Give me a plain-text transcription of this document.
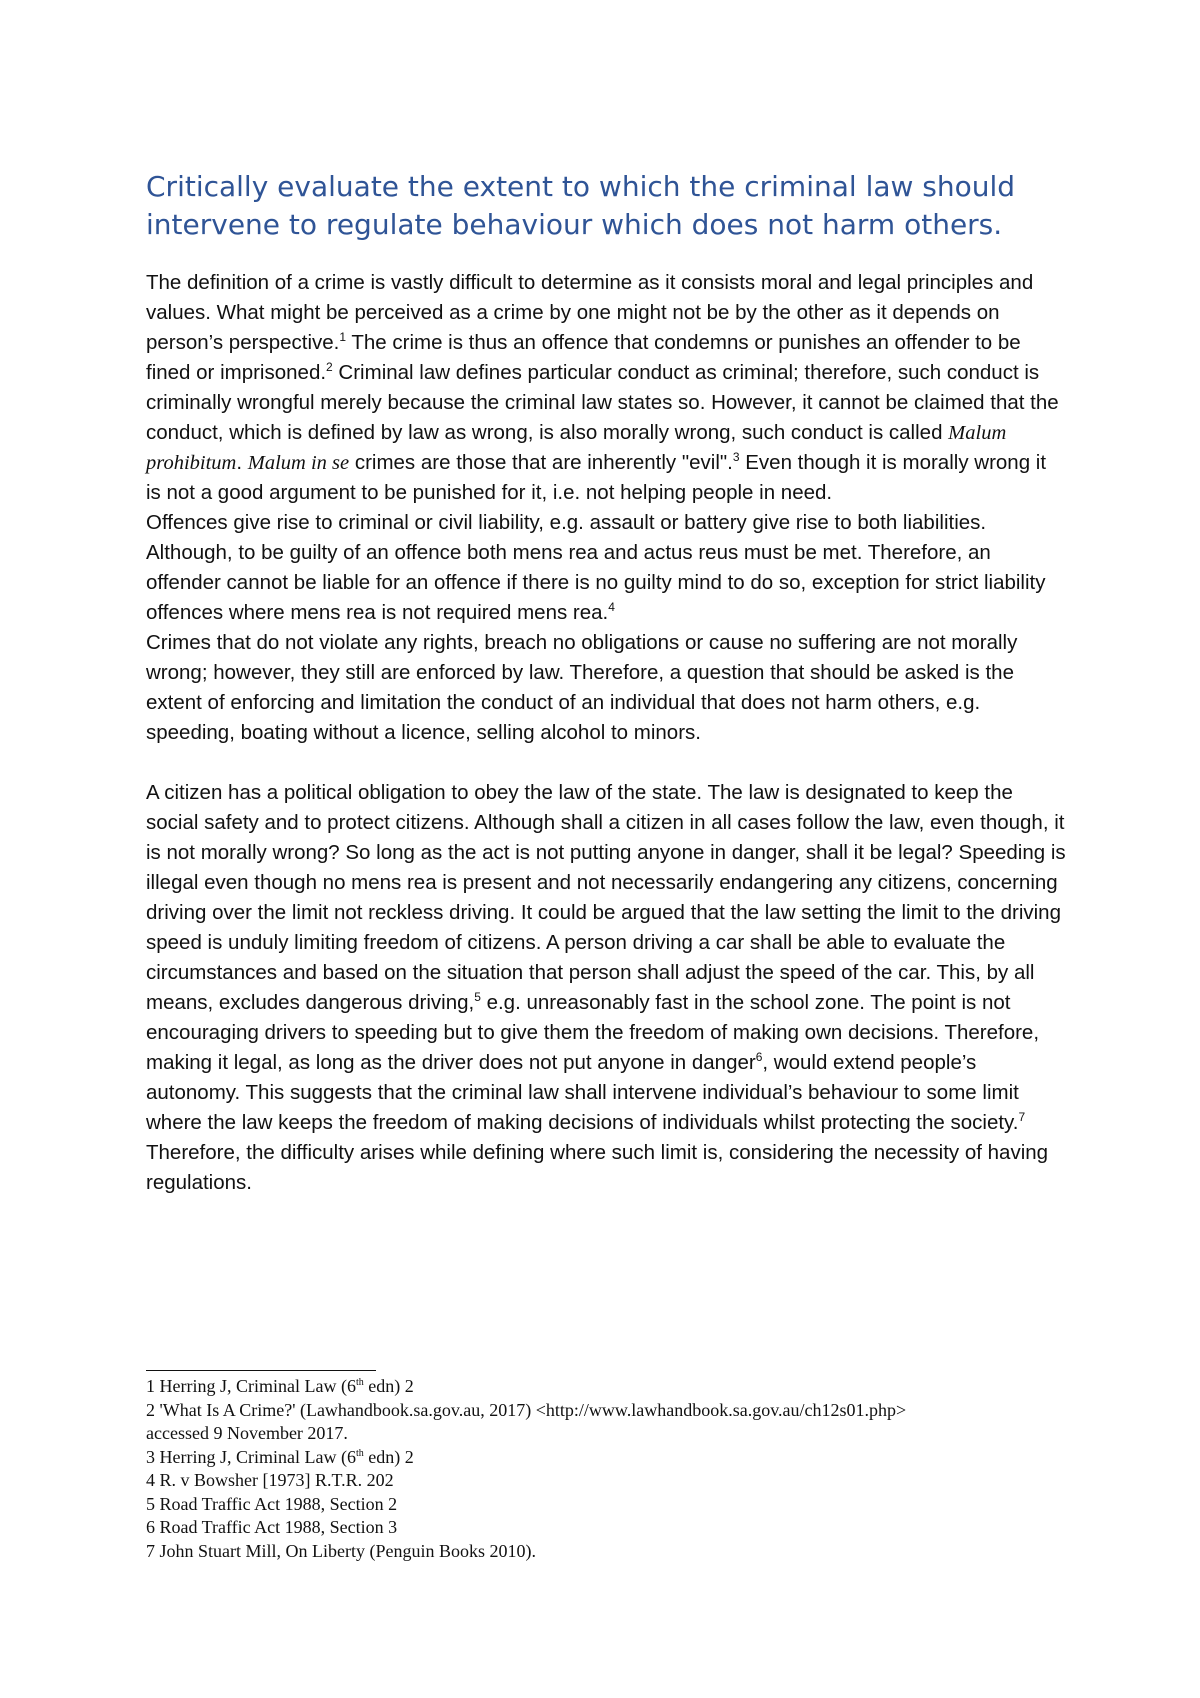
Critically evaluate the extent to which the criminal law should intervene to regulate behaviour which does not harm others.

The definition of a crime is vastly difficult to determine as it consists moral and legal principles and values. What might be perceived as a crime by one might not be by the other as it depends on person’s perspective.$^1$ The crime is thus an offence that condemns or punishes an offender to be fined or imprisoned.$^2$ Criminal law defines particular conduct as criminal; therefore, such conduct is criminally wrongful merely because the criminal law states so. However, it cannot be claimed that the conduct, which is defined by law as wrong, is also morally wrong, such conduct is called Malum prohibitum. Malum in se crimes are those that are inherently "evil".$^3$ Even though it is morally wrong it is not a good argument to be punished for it, i.e. not helping people in need.

Offences give rise to criminal or civil liability, e.g. assault or battery give rise to both liabilities. Although, to be guilty of an offence both mens rea and actus reus must be met. Therefore, an offender cannot be liable for an offence if there is no guilty mind to do so, exception for strict liability offences where mens rea is not required mens rea.$^4$

Crimes that do not violate any rights, breach no obligations or cause no suffering are not morally wrong; however, they still are enforced by law. Therefore, a question that should be asked is the extent of enforcing and limitation the conduct of an individual that does not harm others, e.g. speeding, boating without a licence, selling alcohol to minors.

A citizen has a political obligation to obey the law of the state. The law is designated to keep the social safety and to protect citizens. Although shall a citizen in all cases follow the law, even though, it is not morally wrong? So long as the act is not putting anyone in danger, shall it be legal? Speeding is illegal even though no mens rea is present and not necessarily endangering any citizens, concerning driving over the limit not reckless driving. It could be argued that the law setting the limit to the driving speed is unduly limiting freedom of citizens. A person driving a car shall be able to evaluate the circumstances and based on the situation that person shall adjust the speed of the car. This, by all means, excludes dangerous driving,$^5$ e.g. unreasonably fast in the school zone. The point is not encouraging drivers to speeding but to give them the freedom of making own decisions. Therefore, making it legal, as long as the driver does not put anyone in danger$^6$, would extend people’s autonomy. This suggests that the criminal law shall intervene individual’s behaviour to some limit where the law keeps the freedom of making decisions of individuals whilst protecting the society.$^7$ Therefore, the difficulty arises while defining where such limit is, considering the necessity of having regulations.

1 Herring J, Criminal Law (6th edn) 2

2 'What Is A Crime?' (Lawhandbook.sa.gov.au, 2017) <http://www.lawhandbook.sa.gov.au/ch12s01.php>

accessed 9 November 2017.

3 Herring J, Criminal Law (6th edn) 2

4 R. v Bowsher [1973] R.T.R. 202

5 Road Traffic Act 1988, Section 2

6 Road Traffic Act 1988, Section 3

7 John Stuart Mill, On Liberty (Penguin Books 2010).
